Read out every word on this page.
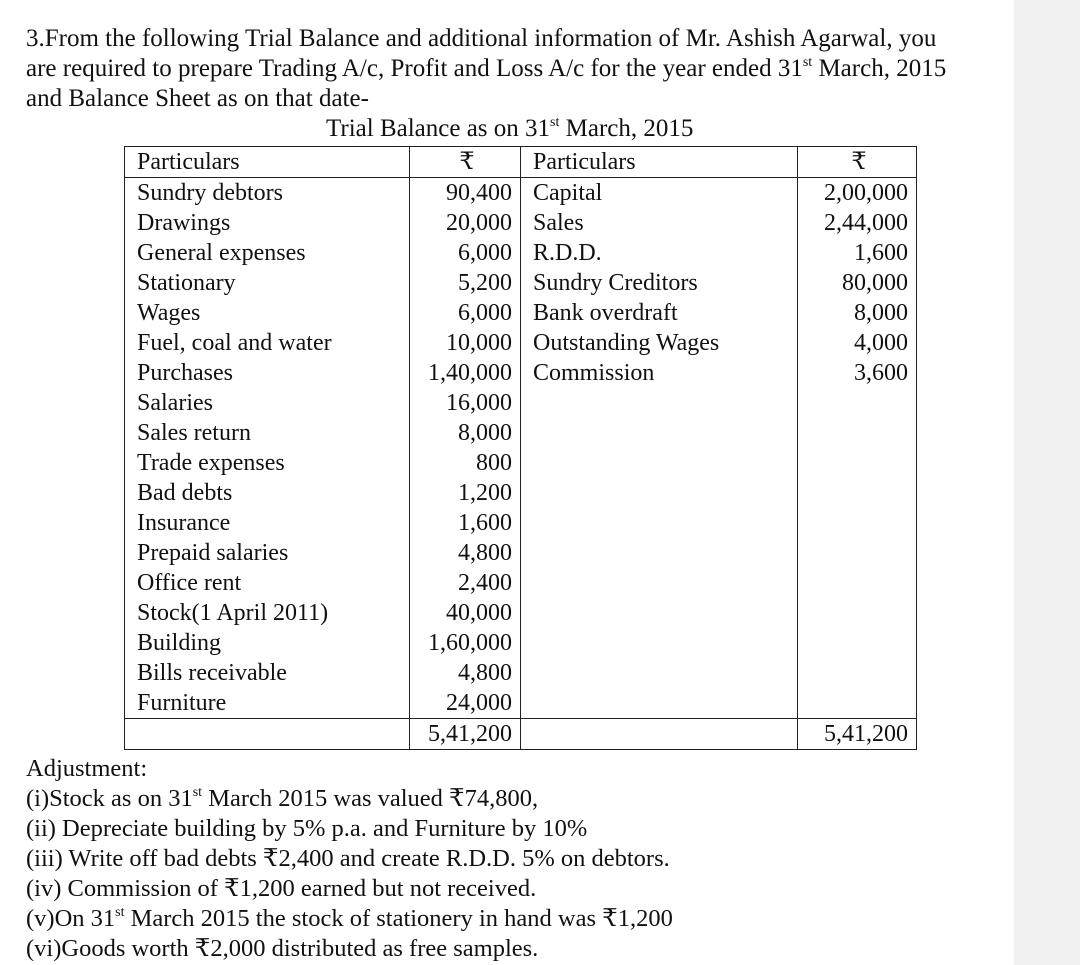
3.From the following Trial Balance and additional information of Mr. Ashish Agarwal, you
are required to prepare Trading A/c, Profit and Loss A/c for the year ended 31st March, 2015
and Balance Sheet as on that date-
Trial Balance as on 31st March, 2015
Particulars	₹	Particulars	₹
Sundry debtors	90,400	Capital	2,00,000
Drawings	20,000	Sales	2,44,000
General expenses	6,000	R.D.D.	1,600
Stationary	5,200	Sundry Creditors	80,000
Wages	6,000	Bank overdraft	8,000
Fuel, coal and water	10,000	Outstanding Wages	4,000
Purchases	1,40,000	Commission	3,600
Salaries	16,000		
Sales return	8,000		
Trade expenses	800		
Bad debts	1,200		
Insurance	1,600		
Prepaid salaries	4,800		
Office rent	2,400		
Stock(1 April 2011)	40,000		
Building	1,60,000		
Bills receivable	4,800		
Furniture	24,000		
	5,41,200		5,41,200
Adjustment:
(i)Stock as on 31st March 2015 was valued ₹74,800,
(ii) Depreciate building by 5% p.a. and Furniture by 10%
(iii) Write off bad debts ₹2,400 and create R.D.D. 5% on debtors.
(iv) Commission of ₹1,200 earned but not received.
(v)On 31st March 2015 the stock of stationery in hand was ₹1,200
(vi)Goods worth ₹2,000 distributed as free samples.
